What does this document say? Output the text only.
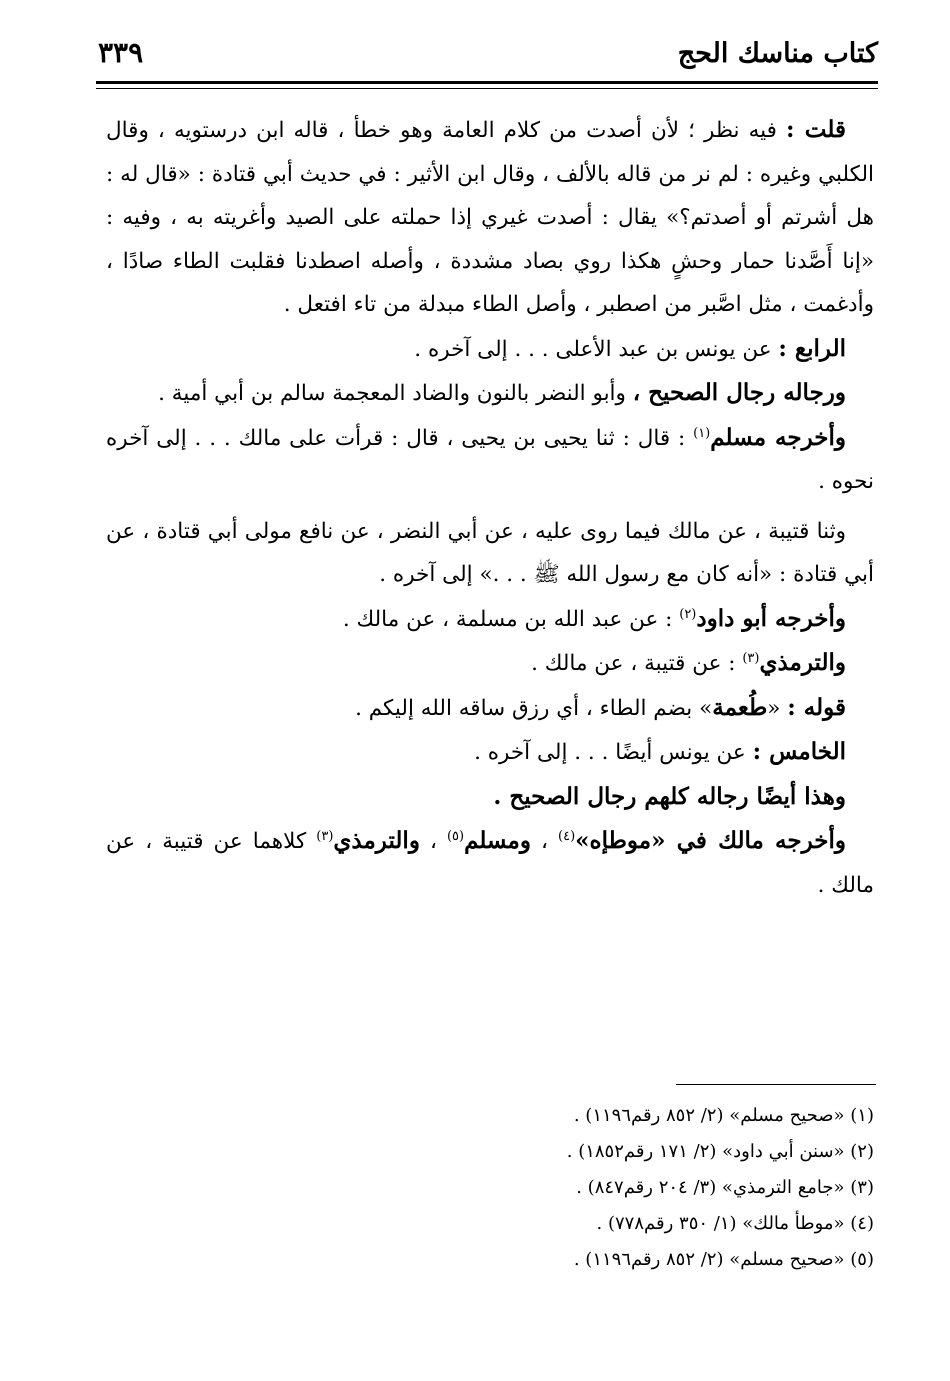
كتاب مناسك الحج
٣٣٩

قلت : فيه نظر ؛ لأن أصدت من كلام العامة وهو خطأ ، قاله ابن درستويه ، وقال الكلبي وغيره : لم نر من قاله بالألف ، وقال ابن الأثير : في حديث أبي قتادة : «قال له : هل أشرتم أو أصدتم؟» يقال : أصدت غيري إذا حملته على الصيد وأغريته به ، وفيه : «إنا أَصَّدنا حمار وحشٍ هكذا روي بصاد مشددة ، وأصله اصطدنا فقلبت الطاء صادًا ، وأدغمت ، مثل اصَّبر من اصطبر ، وأصل الطاء مبدلة من تاء افتعل .

الرابع : عن يونس بن عبد الأعلى . . . إلى آخره .

ورجاله رجال الصحيح ، وأبو النضر بالنون والضاد المعجمة سالم بن أبي أمية .

وأخرجه مسلم$^{(١)}$ : قال : ثنا يحيى بن يحيى ، قال : قرأت على مالك . . . إلى آخره نحوه .

وثنا قتيبة ، عن مالك فيما روى عليه ، عن أبي النضر ، عن نافع مولى أبي قتادة ، عن أبي قتادة : «أنه كان مع رسول الله ﷺ . . .» إلى آخره .

وأخرجه أبو داود$^{(٢)}$ : عن عبد الله بن مسلمة ، عن مالك .

والترمذي$^{(٣)}$ : عن قتيبة ، عن مالك .

قوله : «طُعمة» بضم الطاء ، أي رزق ساقه الله إليكم .

الخامس : عن يونس أيضًا . . . إلى آخره .

وهذا أيضًا رجاله كلهم رجال الصحيح .

وأخرجه مالك في «موطإه»$^{(٤)}$ ، ومسلم$^{(٥)}$ ، والترمذي$^{(٣)}$ كلاهما عن قتيبة ، عن مالك .

(١) «صحيح مسلم» (٢/ ٨٥٢ رقم١١٩٦) .

(٢) «سنن أبي داود» (٢/ ١٧١ رقم١٨٥٢) .

(٣) «جامع الترمذي» (٣/ ٢٠٤ رقم٨٤٧) .

(٤) «موطأ مالك» (١/ ٣٥٠ رقم٧٧٨) .

(٥) «صحيح مسلم» (٢/ ٨٥٢ رقم١١٩٦) .
